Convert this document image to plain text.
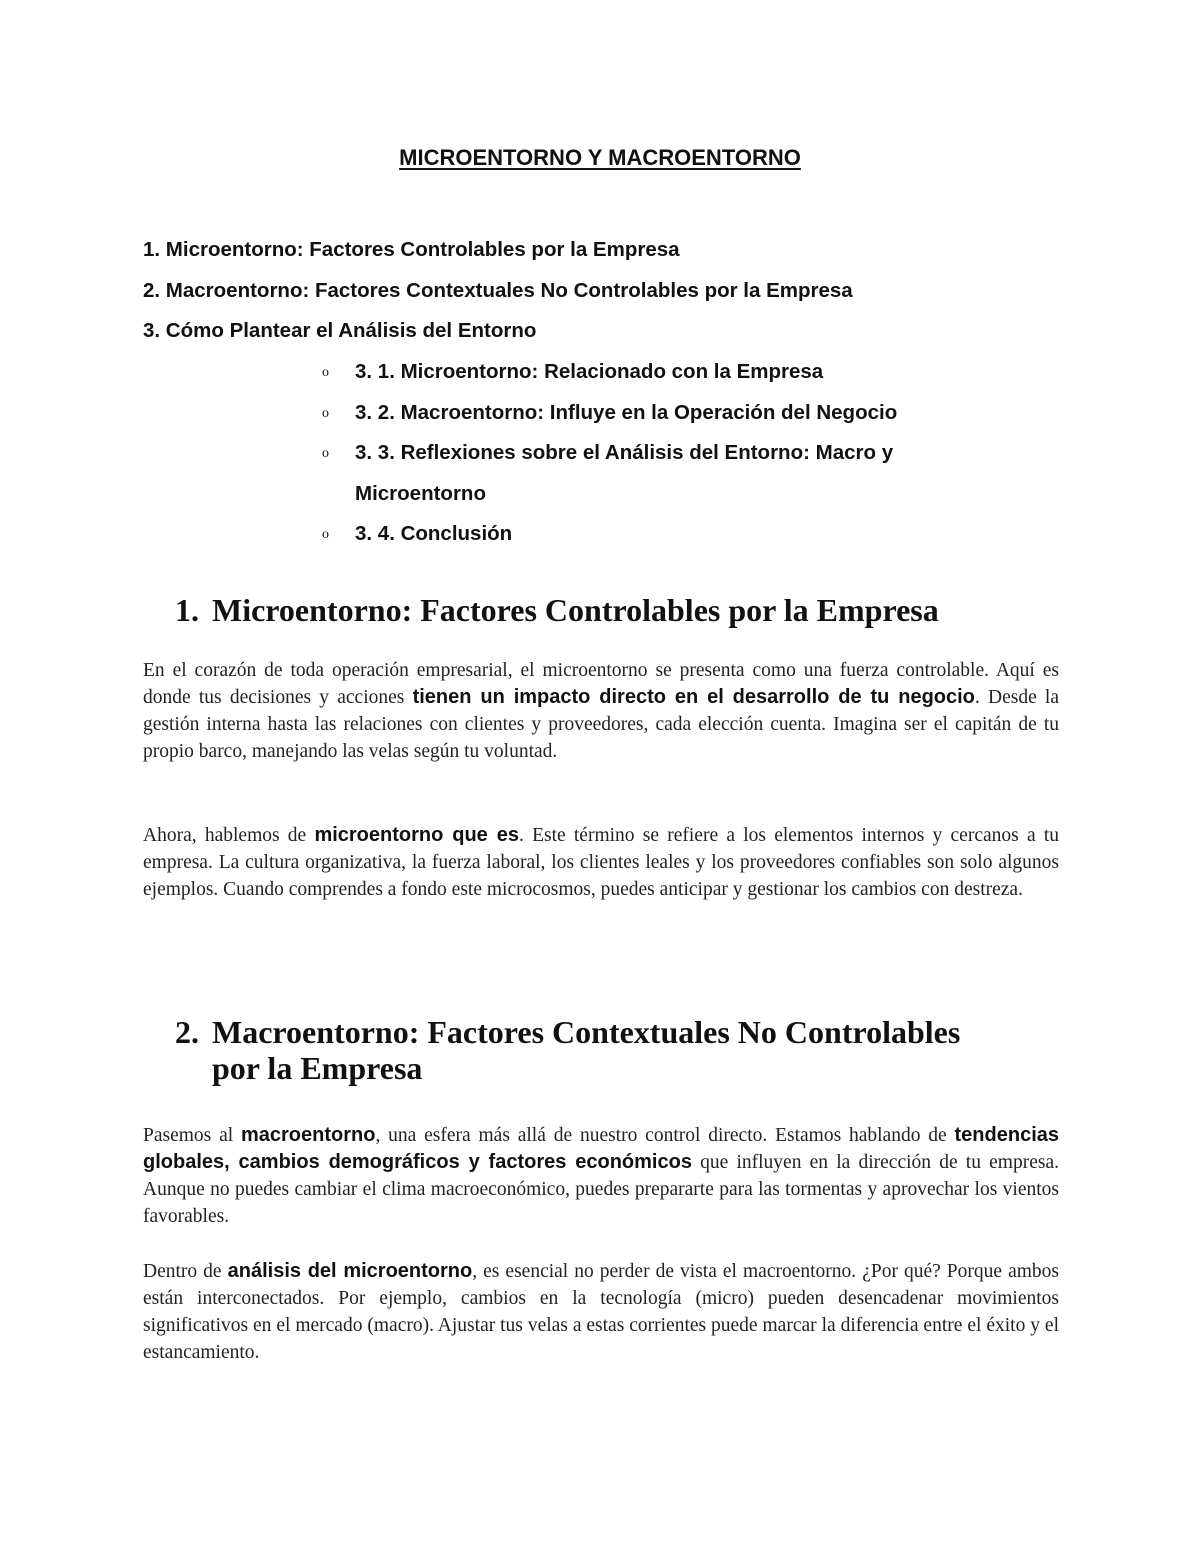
MICROENTORNO Y MACROENTORNO
1. Microentorno: Factores Controlables por la Empresa
2. Macroentorno: Factores Contextuales No Controlables por la Empresa
3. Cómo Plantear el Análisis del Entorno
o 3. 1. Microentorno: Relacionado con la Empresa
o 3. 2. Macroentorno: Influye en la Operación del Negocio
o 3. 3. Reflexiones sobre el Análisis del Entorno: Macro y
Microentorno
o 3. 4. Conclusión
1. Microentorno: Factores Controlables por la Empresa

En el corazón de toda operación empresarial, el microentorno se presenta como una fuerza controlable. Aquí es donde tus decisiones y acciones tienen un impacto directo en el desarrollo de tu negocio. Desde la gestión interna hasta las relaciones con clientes y proveedores, cada elección cuenta. Imagina ser el capitán de tu propio barco, manejando las velas según tu voluntad.

Ahora, hablemos de microentorno que es. Este término se refiere a los elementos internos y cercanos a tu empresa. La cultura organizativa, la fuerza laboral, los clientes leales y los proveedores confiables son solo algunos ejemplos. Cuando comprendes a fondo este microcosmos, puedes anticipar y gestionar los cambios con destreza.

2. Macroentorno: Factores Contextuales No Controlables
por la Empresa

Pasemos al macroentorno, una esfera más allá de nuestro control directo. Estamos hablando de tendencias globales, cambios demográficos y factores económicos que influyen en la dirección de tu empresa. Aunque no puedes cambiar el clima macroeconómico, puedes prepararte para las tormentas y aprovechar los vientos favorables.

Dentro de análisis del microentorno, es esencial no perder de vista el macroentorno. ¿Por qué? Porque ambos están interconectados. Por ejemplo, cambios en la tecnología (micro) pueden desencadenar movimientos significativos en el mercado (macro). Ajustar tus velas a estas corrientes puede marcar la diferencia entre el éxito y el estancamiento.
